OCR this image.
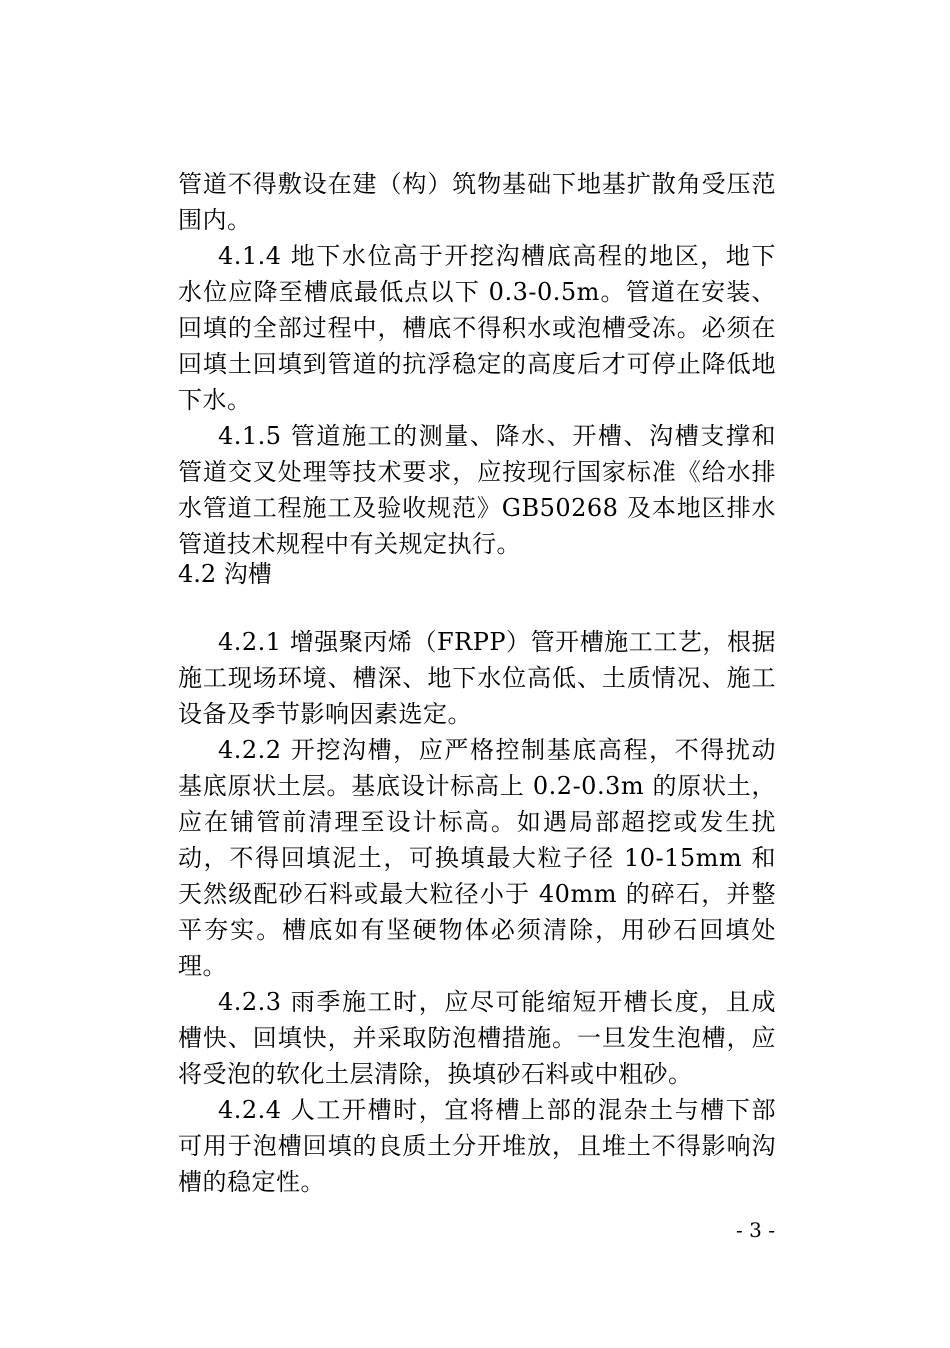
管道不得敷设在建（构）筑物基础下地基扩散角受压范围内。

4.1.4 地下水位高于开挖沟槽底高程的地区，地下水位应降至槽底最低点以下 0.3-0.5m。管道在安装、回填的全部过程中，槽底不得积水或泡槽受冻。必须在回填土回填到管道的抗浮稳定的高度后才可停止降低地下水。

4.1.5 管道施工的测量、降水、开槽、沟槽支撑和管道交叉处理等技术要求，应按现行国家标准《给水排水管道工程施工及验收规范》GB50268 及本地区排水管道技术规程中有关规定执行。

4.2 沟槽

4.2.1 增强聚丙烯（FRPP）管开槽施工工艺，根据施工现场环境、槽深、地下水位高低、土质情况、施工设备及季节影响因素选定。

4.2.2 开挖沟槽，应严格控制基底高程，不得扰动基底原状土层。基底设计标高上 0.2-0.3m 的原状土，应在铺管前清理至设计标高。如遇局部超挖或发生扰动，不得回填泥土，可换填最大粒子径 10-15mm 和天然级配砂石料或最大粒径小于 40mm 的碎石，并整平夯实。槽底如有坚硬物体必须清除，用砂石回填处理。

4.2.3 雨季施工时，应尽可能缩短开槽长度，且成槽快、回填快，并采取防泡槽措施。一旦发生泡槽，应将受泡的软化土层清除，换填砂石料或中粗砂。

4.2.4 人工开槽时，宜将槽上部的混杂土与槽下部可用于泡槽回填的良质土分开堆放，且堆土不得影响沟槽的稳定性。

- 3 -
